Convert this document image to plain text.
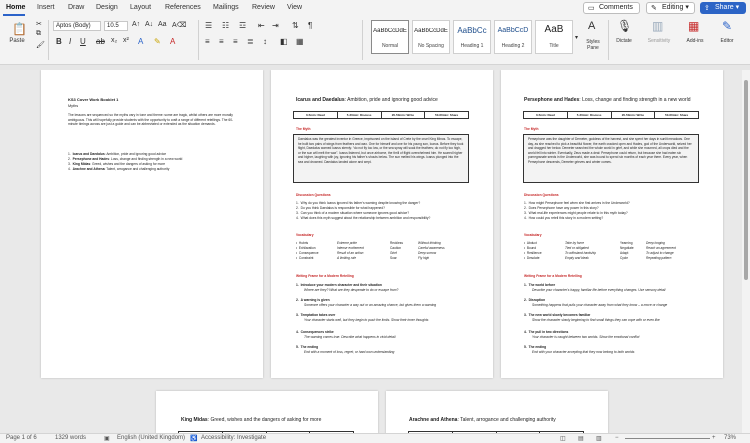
Home Insert Draw Design Layout References Mailings Review View	▭ Comments	✎ Editing ▾	⇪ Share ▾
📋
Paste
✂
⧉
🖌
Aptos (Body)	10.5	A↑ A↓ Aa A⌫
B I U ab x₂ x² A ✎ A
☰ ☷ ☲ ⇤ ⇥ ⇅ ¶
≡ ≡ ≡ ≣ ↕ ◧ ▦
AaBbCcDdE
Normal
AaBbCcDdE
No Spacing
AaBbCc
Heading 1
AaBbCcD
Heading 2
AaB
Title
▾
A
Styles Pane
🎙
Dictate
▥
Sensitivity
▦
Add-ins
✎
Editor
KS3 Cover Work Booklet 1
Myths
The lessons are sequenced so the myths vary in tone and theme: some are tragic, whilst others are more morally ambiguous. This will hopefully provide students with the opportunity to craft a range of different retellings. The 60-minute timings across are just a guide and can be abbreviated or extended as the situation demands.
1.  Icarus and Daedalus: Ambition, pride and ignoring good advice
2.  Persephone and Hades: Loss, change and finding strength in a new world
3.  King Midas: Greed, wishes and the dangers of asking for more
4.  Arachne and Athena: Talent, arrogance and challenging authority
Icarus and Daedalus: Ambition, pride and ignoring good advice
0-5min: Read	5-20min: Discuss	20-50min: Write	50-60min: Share
The Myth
Daedalus was the greatest inventor in Greece, imprisoned on the island of Crete by the cruel King Minos. To escape, he built two pairs of wings from feathers and wax. One for himself and one for his young son, Icarus. Before they took flight, Daedalus warned Icarus sternly: “do not fly too low, or the sea spray will soak the feathers; do not fly too high, or the sun will melt the wax”. Icarus listened, but once airborne, the thrill of flight overwhelmed him. He soared higher and higher, laughing with joy, ignoring his father’s shouts below. The sun melted his wings. Icarus plunged into the sea and drowned. Daedalus landed alone and wept.
Discussion Questions
1.  Why do you think Icarus ignored his father’s warning despite knowing the danger?
2.  Do you think Daedalus is responsible for what happened?
3.  Can you think of a modern situation where someone ignores good advice?
4.  What does this myth suggest about the relationship between ambition and responsibility?
Vocabulary
•  Hubris	Extreme pride	Reckless	Without thinking
•  Exhilaration	Intense excitement	Caution	Careful awareness
•  Consequence	Result of an action	Grief	Deep sorrow
•  Constraint	A limiting rule	Soar	Fly high
Writing Frame for a Modern Retelling
1.  Introduce your modern character and their situation
Where are they? What are they desperate to do or escape from?
2.  A warning is given
Someone offers your character a way out or an amazing chance, but gives them a warning
3.  Temptation takes over
Your character starts well, but they begin to push the limits. Show their inner thoughts
4.  Consequences strike
The warning comes true. Describe what happens in vivid detail
5.  The ending
End with a moment of loss, regret, or hard-won understanding
Persephone and Hades: Loss, change and finding strength in a new world
0-5min: Read	5-20min: Discuss	20-50min: Write	50-60min: Share
The Myth
Persephone was the daughter of Demeter, goddess of the harvest, and she spent her days in sunlit meadows. One day, as she reached to pick a beautiful flower, the earth cracked open and Hades, god of the Underworld, seized her and dragged her below. Demeter searched the whole world in grief, and while she mourned, all crops died and the world fell into winter. Eventually, Zeus made a deal: Persephone could return, but because she had eaten six pomegranate seeds in the Underworld, she was bound to spend six months of each year there. Every year, when Persephone descends, Demeter grieves and winter comes.
Discussion Questions
1.  How might Persephone feel when she first arrives in the Underworld?
2.  Does Persephone have any power in this story?
3.  What real-life experiences might people relate to in this myth today?
4.  How could you retell this story in a modern setting?
Vocabulary
•  Abduct	Take by force	Yearning	Deep longing
•  Bound	Tied or obligated	Negotiate	Reach an agreement
•  Resilience	To withstand hardship	Adapt	To adjust to change
•  Desolate	Empty and bleak	Cycle	Repeating pattern
Writing Frame for a Modern Retelling
1.  The world before
Describe your character’s happy, familiar life before everything changes. Use sensory detail
2.  Disruption
Something happens that pulls your character away from what they know – a move or change
3.  The new world slowly becomes familiar
Show the character slowly beginning to find small things they can cope with or even like
4.  The pull in two directions
Your character is caught between two worlds. Show the emotional conflict
5.  The ending
End with your character accepting that they now belong to both worlds
King Midas: Greed, wishes and the dangers of asking for more	Arachne and Athena: Talent, arrogance and challenging authority
Page 1 of 6	1329 words	▣ English (United Kingdom) ♿ Accessibility: Investigate	◫ ▤ ▥ −	+ 73%
